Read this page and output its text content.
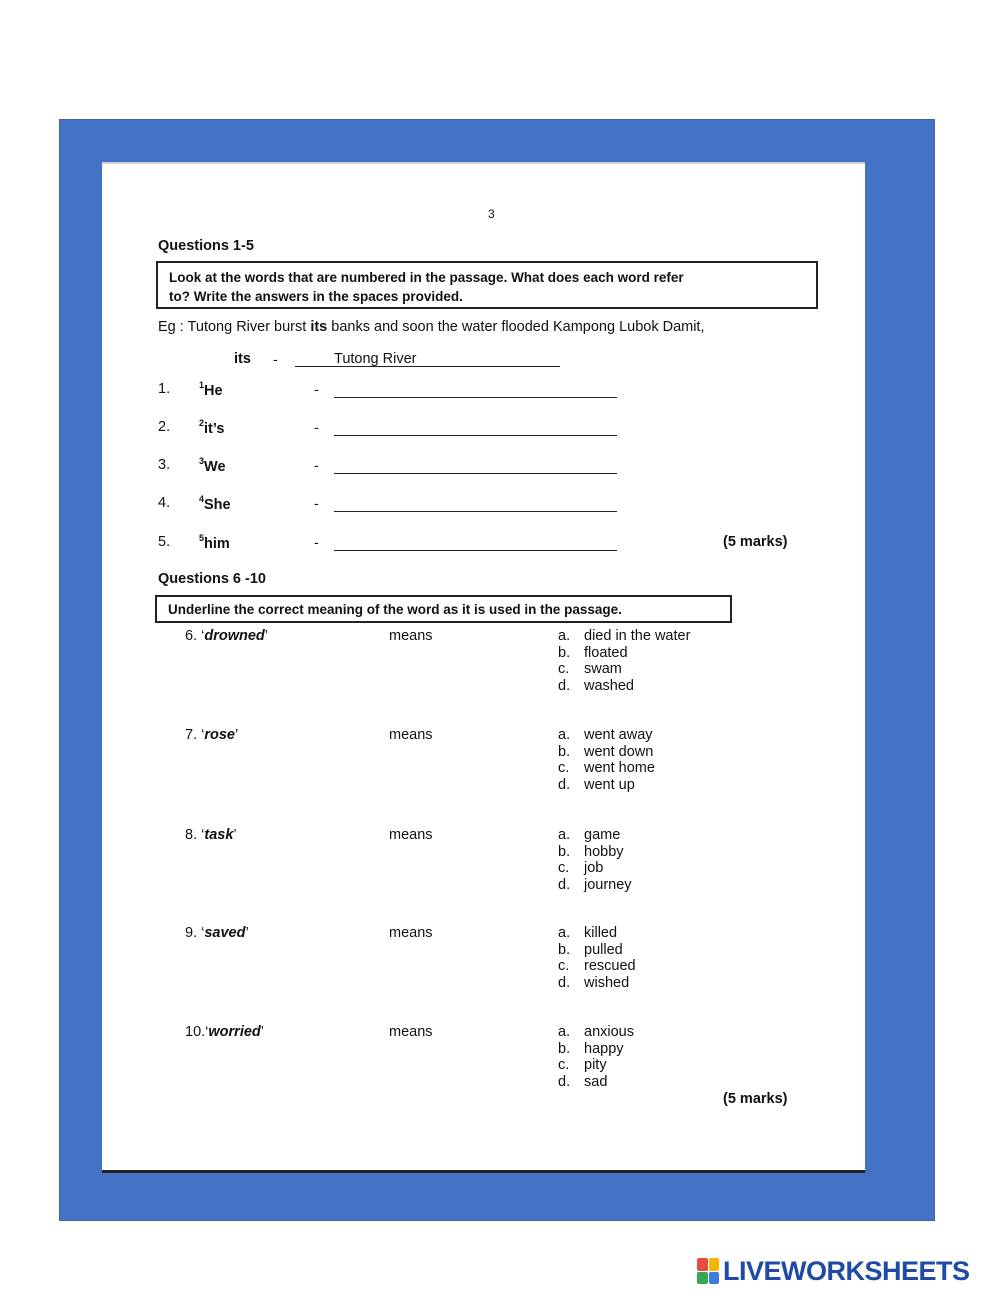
3
Questions 1-5
Look at the words that are numbered in the passage. What does each word refer
to? Write the answers in the spaces provided.
Eg : Tutong River burst its banks and soon the water flooded Kampong Lubok Damit,
its -	Tutong River
1.	$^1$He	-
2.	$^2$it’s	-
3.	$^3$We	-
4.	$^4$She	-
5.	$^5$him	-	(5 marks)
Questions 6 -10
Underline the correct meaning of the word as it is used in the passage.
6. ‘drowned’	means	a. died in the water
b. floated
c. swam
d. washed
7. ‘rose’	means	a. went away
b. went down
c. went home
d. went up
8. ‘task’	means	a. game
b. hobby
c. job
d. journey
9. ‘saved’	means	a. killed
b. pulled
c. rescued
d. wished
10.‘worried’	means	a. anxious
b. happy
c. pity
d. sad
(5 marks)
LIVEWORKSHEETS
